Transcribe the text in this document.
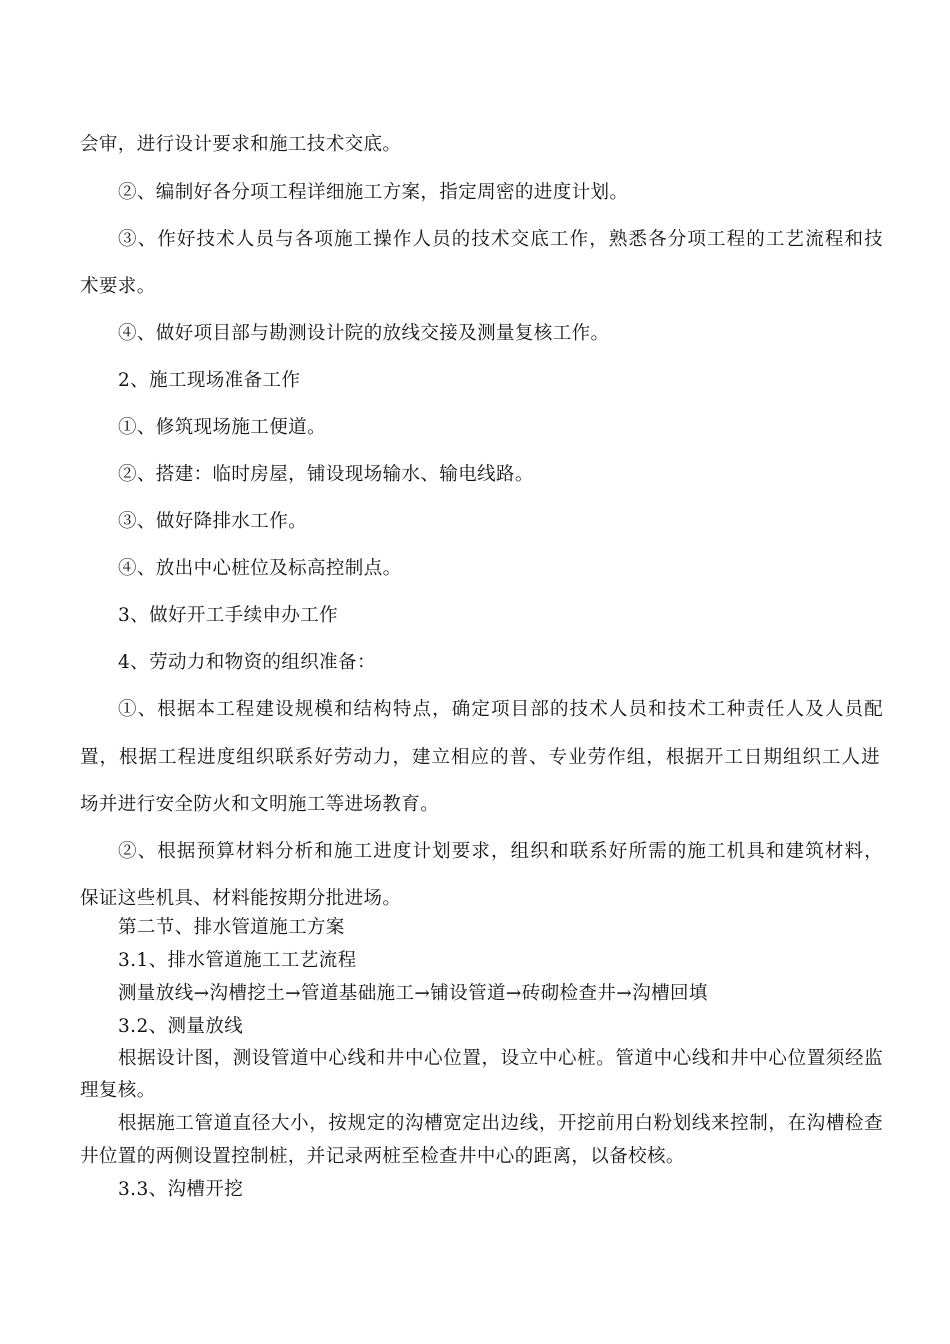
会审，进行设计要求和施工技术交底。
②、编制好各分项工程详细施工方案，指定周密的进度计划。
③、作好技术人员与各项施工操作人员的技术交底工作，熟悉各分项工程的工艺流程和技
术要求。
④、做好项目部与勘测设计院的放线交接及测量复核工作。
2、施工现场准备工作
①、修筑现场施工便道。
②、搭建：临时房屋，铺设现场输水、输电线路。
③、做好降排水工作。
④、放出中心桩位及标高控制点。
3、做好开工手续申办工作
4、劳动力和物资的组织准备：
①、根据本工程建设规模和结构特点，确定项目部的技术人员和技术工种责任人及人员配
置，根据工程进度组织联系好劳动力，建立相应的普、专业劳作组，根据开工日期组织工人进
场并进行安全防火和文明施工等进场教育。
②、根据预算材料分析和施工进度计划要求，组织和联系好所需的施工机具和建筑材料，
保证这些机具、材料能按期分批进场。
第二节、排水管道施工方案
3.1、排水管道施工工艺流程
测量放线→沟槽挖土→管道基础施工→铺设管道→砖砌检查井→沟槽回填
3.2、测量放线
根据设计图，测设管道中心线和井中心位置，设立中心桩。管道中心线和井中心位置须经监
理复核。
根据施工管道直径大小，按规定的沟槽宽定出边线，开挖前用白粉划线来控制，在沟槽检查
井位置的两侧设置控制桩，并记录两桩至检查井中心的距离，以备校核。
3.3、沟槽开挖
